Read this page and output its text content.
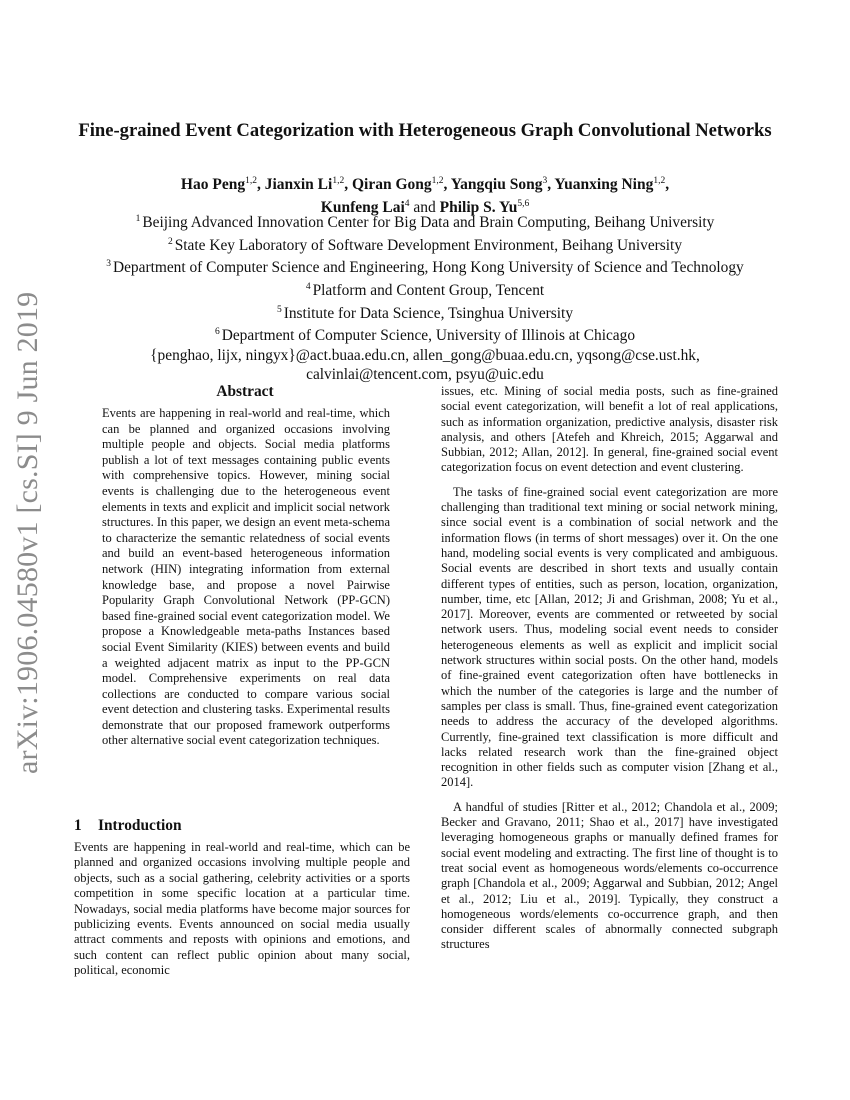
arXiv:1906.04580v1 [cs.SI] 9 Jun 2019
Fine-grained Event Categorization with Heterogeneous Graph Convolutional Networks
Hao Peng$^{1,2}$, Jianxin Li$^{1,2}$, Qiran Gong$^{1,2}$, Yangqiu Song$^3$, Yuanxing Ning$^{1,2}$,
Kunfeng Lai$^4$ and Philip S. Yu$^{5,6}$
$^1$ Beijing Advanced Innovation Center for Big Data and Brain Computing, Beihang University
$^2$ State Key Laboratory of Software Development Environment, Beihang University
$^3$ Department of Computer Science and Engineering, Hong Kong University of Science and Technology
$^4$ Platform and Content Group, Tencent
$^5$ Institute for Data Science, Tsinghua University
$^6$ Department of Computer Science, University of Illinois at Chicago
{penghao, lijx, ningyx}@act.buaa.edu.cn, allen_gong@buaa.edu.cn, yqsong@cse.ust.hk,
calvinlai@tencent.com, psyu@uic.edu
Abstract
Events are happening in real-world and real-time, which can be planned and organized occasions involving multiple people and objects. Social media platforms publish a lot of text messages containing public events with comprehensive topics. However, mining social events is challenging due to the heterogeneous event elements in texts and explicit and implicit social network structures. In this paper, we design an event meta-schema to characterize the semantic relatedness of social events and build an event-based heterogeneous information network (HIN) integrating information from external knowledge base, and propose a novel Pairwise Popularity Graph Convolutional Network (PP-GCN) based fine-grained social event categorization model. We propose a Knowledgeable meta-paths Instances based social Event Similarity (KIES) between events and build a weighted adjacent matrix as input to the PP-GCN model. Comprehensive experiments on real data collections are conducted to compare various social event detection and clustering tasks. Experimental results demonstrate that our proposed framework outperforms other alternative social event categorization techniques.
1 Introduction
Events are happening in real-world and real-time, which can be planned and organized occasions involving multiple people and objects, such as a social gathering, celebrity activities or a sports competition in some specific location at a particular time. Nowadays, social media platforms have become major sources for publicizing events. Events announced on social media usually attract comments and reposts with opinions and emotions, and such content can reflect public opinion about many social, political, economic

issues, etc. Mining of social media posts, such as fine-grained social event categorization, will benefit a lot of real applications, such as information organization, predictive analysis, disaster risk analysis, and others [Atefeh and Khreich, 2015; Aggarwal and Subbian, 2012; Allan, 2012]. In general, fine-grained social event categorization focus on event detection and event clustering.

The tasks of fine-grained social event categorization are more challenging than traditional text mining or social network mining, since social event is a combination of social network and the information flows (in terms of short messages) over it. On the one hand, modeling social events is very complicated and ambiguous. Social events are described in short texts and usually contain different types of entities, such as person, location, organization, number, time, etc [Allan, 2012; Ji and Grishman, 2008; Yu et al., 2017]. Moreover, events are commented or retweeted by social network users. Thus, modeling social event needs to consider heterogeneous elements as well as explicit and implicit social network structures within social posts. On the other hand, models of fine-grained event categorization often have bottlenecks in which the number of the categories is large and the number of samples per class is small. Thus, fine-grained event categorization needs to address the accuracy of the developed algorithms. Currently, fine-grained text classification is more difficult and lacks related research work than the fine-grained object recognition in other fields such as computer vision [Zhang et al., 2014].

A handful of studies [Ritter et al., 2012; Chandola et al., 2009; Becker and Gravano, 2011; Shao et al., 2017] have investigated leveraging homogeneous graphs or manually defined frames for social event modeling and extracting. The first line of thought is to treat social event as homogeneous words/elements co-occurrence graph [Chandola et al., 2009; Aggarwal and Subbian, 2012; Angel et al., 2012; Liu et al., 2019]. Typically, they construct a homogeneous words/elements co-occurrence graph, and then consider different scales of abnormally connected subgraph structures
